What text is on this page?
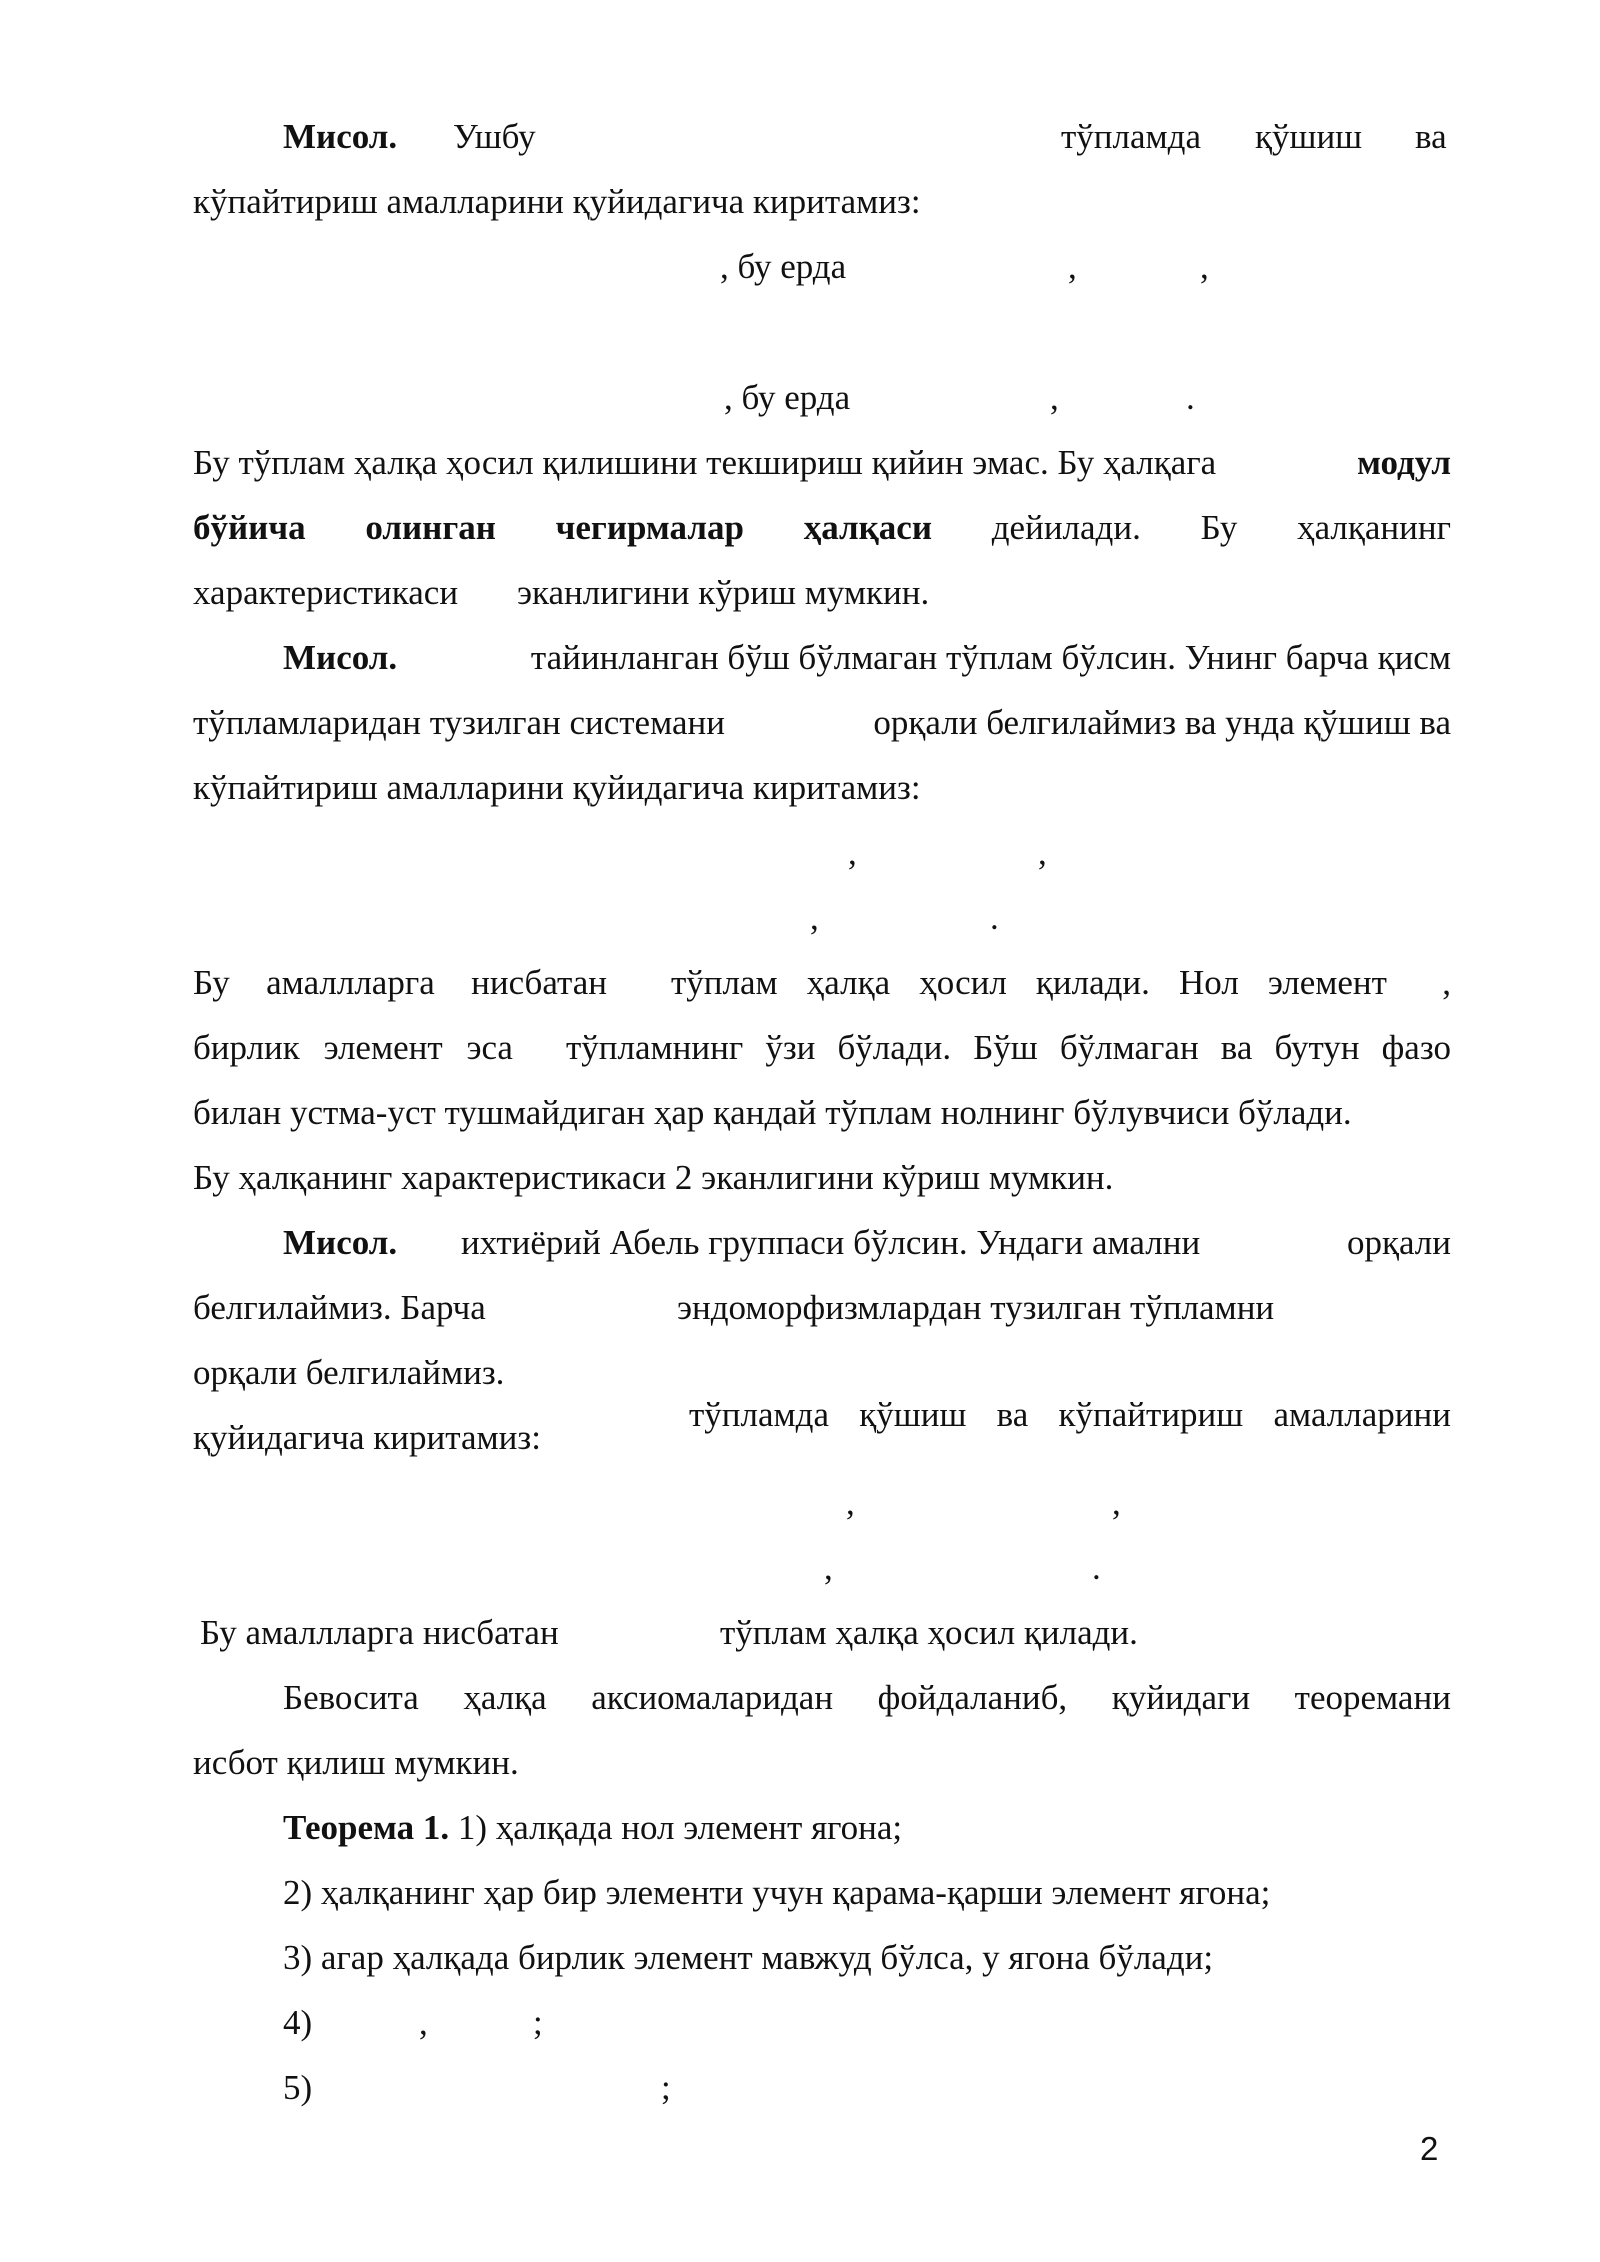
Мисол. Ушбу	тўпламда қўшиш ва
кўпайтириш амалларини қуйидагича киритамиз:
, бу ерда	,	,
, бу ерда	,	.
Бу тўплам ҳалқа ҳосил қилишини текшириш қийин эмас. Бу ҳалқага	модул
бўйича олинган чегирмалар ҳалқаси дейилади. Бу ҳалқанинг
характеристикаси эканлигини кўриш мумкин.
Мисол.	тайинланган бўш бўлмаган тўплам бўлсин. Унинг барча қисм
тўпламларидан тузилган системани	орқали белгилаймиз ва унда қўшиш ва
кўпайтириш амалларини қуйидагича киритамиз:
,	,
,	.
Бу амаллларга нисбатан тўплам ҳалқа ҳосил қилади. Нол элемент ,
бирлик элемент эса тўпламнинг ўзи бўлади. Бўш бўлмаган ва бутун фазо
билан устма-уст тушмайдиган ҳар қандай тўплам нолнинг бўлувчиси бўлади.
Бу ҳалқанинг характеристикаси 2 эканлигини кўриш мумкин.
Мисол. ихтиёрий Абель группаси бўлсин. Ундаги амални	орқали
белгилаймиз. Барча	эндоморфизмлардан тузилган тўпламни
орқали белгилаймиз.
тўпламда қўшиш ва кўпайтириш амалларини
қуйидагича киритамиз:
,	,
,	.
Бу амаллларга нисбатан	тўплам ҳалқа ҳосил қилади.
Бевосита ҳалқа аксиомаларидан фойдаланиб, қуйидаги теоремани
исбот қилиш мумкин.
Теорема 1. 1) ҳалқада нол элемент ягона;
2) ҳалқанинг ҳар бир элементи учун қарама-қарши элемент ягона;
3) агар ҳалқада бирлик элемент мавжуд бўлса, у ягона бўлади;
4)	,	;
5)	;
2
